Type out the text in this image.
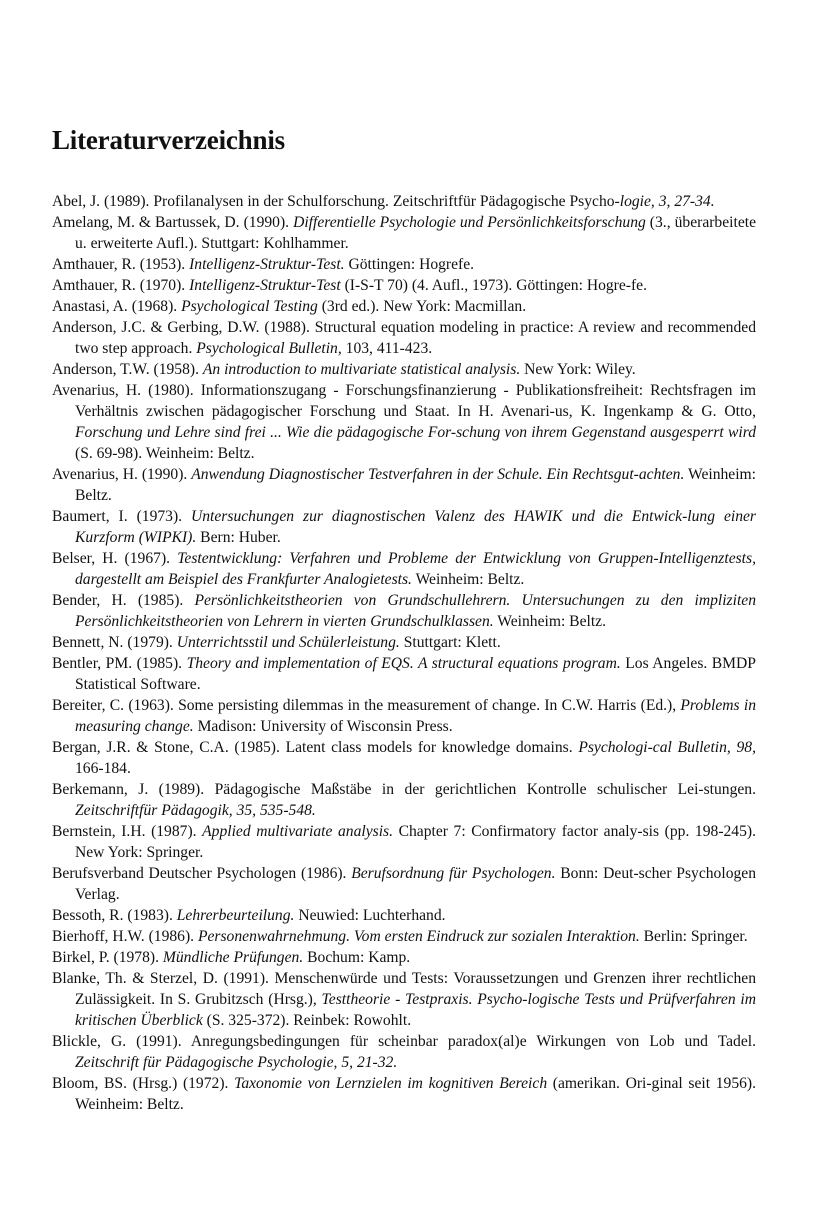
Literaturverzeichnis

Abel, J. (1989). Profilanalysen in der Schulforschung. Zeitschriftfür Pädagogische Psycho-logie, 3, 27-34.

Amelang, M. & Bartussek, D. (1990). Differentielle Psychologie und Persönlichkeitsforschung (3., überarbeitete u. erweiterte Aufl.). Stuttgart: Kohlhammer.

Amthauer, R. (1953). Intelligenz-Struktur-Test. Göttingen: Hogrefe.

Amthauer, R. (1970). Intelligenz-Struktur-Test (I-S-T 70) (4. Aufl., 1973). Göttingen: Hogre-fe.

Anastasi, A. (1968). Psychological Testing (3rd ed.). New York: Macmillan.

Anderson, J.C. & Gerbing, D.W. (1988). Structural equation modeling in practice: A review and recommended two step approach. Psychological Bulletin, 103, 411-423.

Anderson, T.W. (1958). An introduction to multivariate statistical analysis. New York: Wiley.

Avenarius, H. (1980). Informationszugang - Forschungsfinanzierung - Publikationsfreiheit: Rechtsfragen im Verhältnis zwischen pädagogischer Forschung und Staat. In H. Avenari-us, K. Ingenkamp & G. Otto, Forschung und Lehre sind frei ... Wie die pädagogische For-schung von ihrem Gegenstand ausgesperrt wird (S. 69-98). Weinheim: Beltz.

Avenarius, H. (1990). Anwendung Diagnostischer Testverfahren in der Schule. Ein Rechtsgut-achten. Weinheim: Beltz.

Baumert, I. (1973). Untersuchungen zur diagnostischen Valenz des HAWIK und die Entwick-lung einer Kurzform (WIPKI). Bern: Huber.

Belser, H. (1967). Testentwicklung: Verfahren und Probleme der Entwicklung von Gruppen-Intelligenztests, dargestellt am Beispiel des Frankfurter Analogietests. Weinheim: Beltz.

Bender, H. (1985). Persönlichkeitstheorien von Grundschullehrern. Untersuchungen zu den impliziten Persönlichkeitstheorien von Lehrern in vierten Grundschulklassen. Weinheim: Beltz.

Bennett, N. (1979). Unterrichtsstil und Schülerleistung. Stuttgart: Klett.

Bentler, PM. (1985). Theory and implementation of EQS. A structural equations program. Los Angeles. BMDP Statistical Software.

Bereiter, C. (1963). Some persisting dilemmas in the measurement of change. In C.W. Harris (Ed.), Problems in measuring change. Madison: University of Wisconsin Press.

Bergan, J.R. & Stone, C.A. (1985). Latent class models for knowledge domains. Psychologi-cal Bulletin, 98, 166-184.

Berkemann, J. (1989). Pädagogische Maßstäbe in der gerichtlichen Kontrolle schulischer Lei-stungen. Zeitschriftfür Pädagogik, 35, 535-548.

Bernstein, I.H. (1987). Applied multivariate analysis. Chapter 7: Confirmatory factor analy-sis (pp. 198-245). New York: Springer.

Berufsverband Deutscher Psychologen (1986). Berufsordnung für Psychologen. Bonn: Deut-scher Psychologen Verlag.

Bessoth, R. (1983). Lehrerbeurteilung. Neuwied: Luchterhand.

Bierhoff, H.W. (1986). Personenwahrnehmung. Vom ersten Eindruck zur sozialen Interaktion. Berlin: Springer.

Birkel, P. (1978). Mündliche Prüfungen. Bochum: Kamp.

Blanke, Th. & Sterzel, D. (1991). Menschenwürde und Tests: Voraussetzungen und Grenzen ihrer rechtlichen Zulässigkeit. In S. Grubitzsch (Hrsg.), Testtheorie - Testpraxis. Psycho-logische Tests und Prüfverfahren im kritischen Überblick (S. 325-372). Reinbek: Rowohlt.

Blickle, G. (1991). Anregungsbedingungen für scheinbar paradox(al)e Wirkungen von Lob und Tadel. Zeitschrift für Pädagogische Psychologie, 5, 21-32.

Bloom, BS. (Hrsg.) (1972). Taxonomie von Lernzielen im kognitiven Bereich (amerikan. Ori-ginal seit 1956). Weinheim: Beltz.
